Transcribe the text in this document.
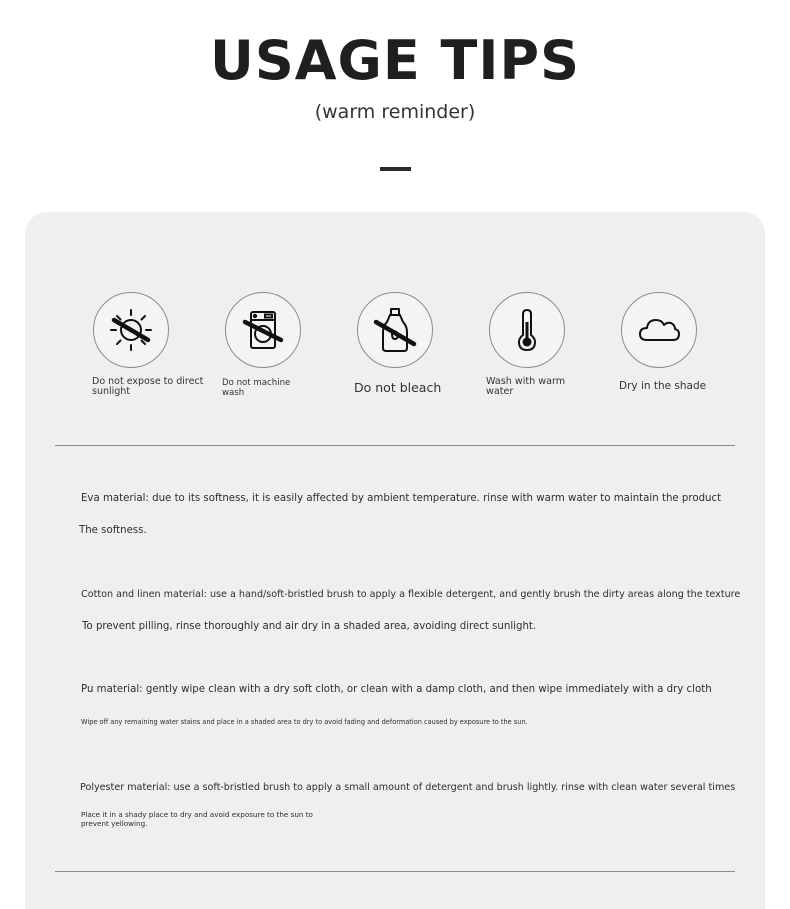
USAGE TIPS
(warm reminder)
Do not expose to direct sunlight
Do not machine wash	Do not bleach	Wash with warm water	Dry in the shade
Eva material: due to its softness, it is easily affected by ambient temperature. rinse with warm water to maintain the product
The softness.
Cotton and linen material: use a hand/soft-bristled brush to apply a flexible detergent, and gently brush the dirty areas along the texture
To prevent pilling, rinse thoroughly and air dry in a shaded area, avoiding direct sunlight.
Pu material: gently wipe clean with a dry soft cloth, or clean with a damp cloth, and then wipe immediately with a dry cloth
Wipe off any remaining water stains and place in a shaded area to dry to avoid fading and deformation caused by exposure to the sun.
Polyester material: use a soft-bristled brush to apply a small amount of detergent and brush lightly. rinse with clean water several times
Place it in a shady place to dry and avoid exposure to the sun to prevent yellowing.
